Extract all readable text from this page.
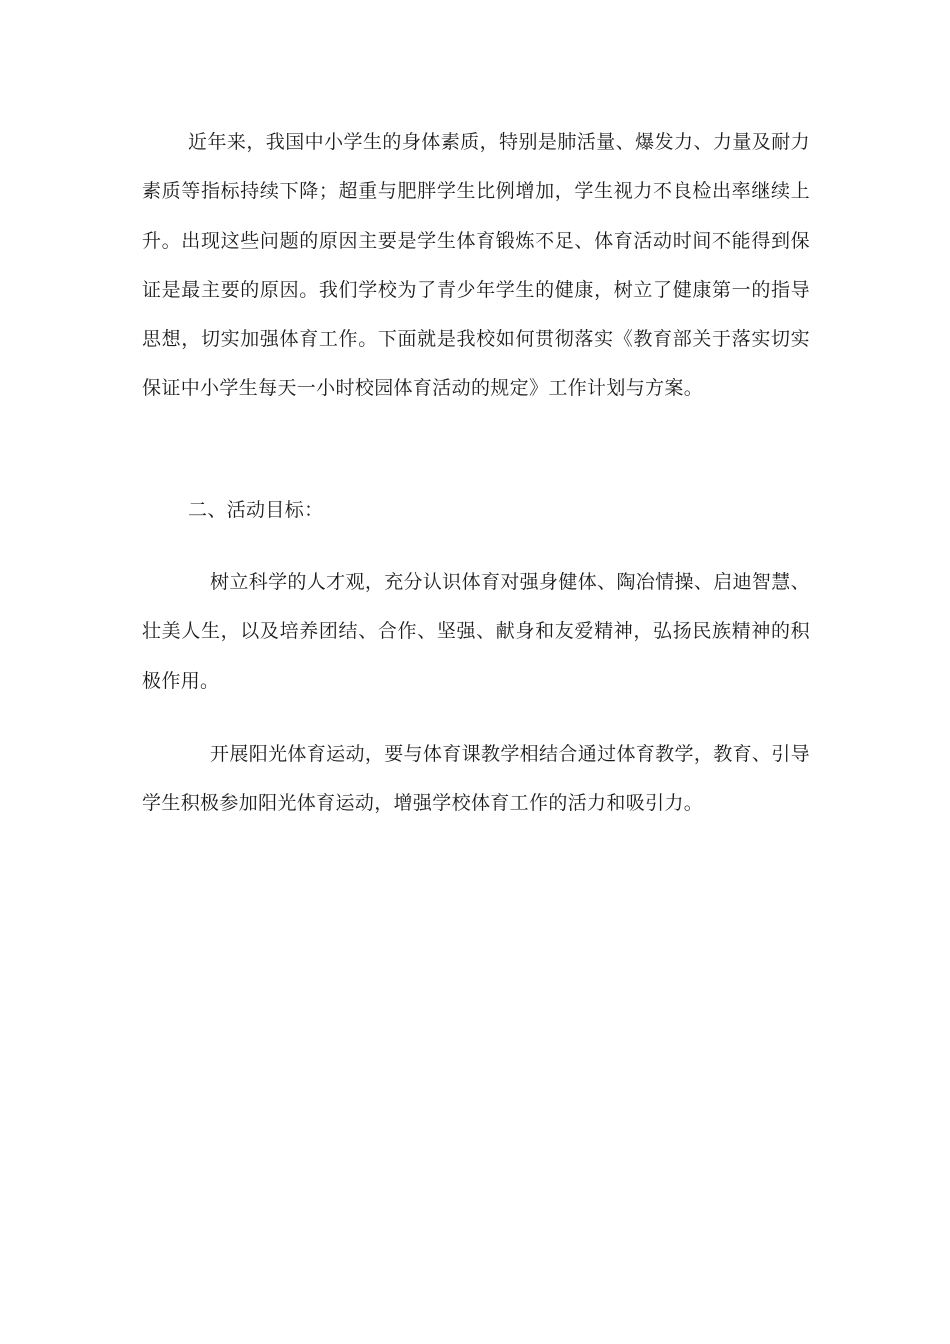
近年来，我国中小学生的身体素质，特别是肺活量、爆发力、力量及耐力素质等指标持续下降；超重与肥胖学生比例增加，学生视力不良检出率继续上升。出现这些问题的原因主要是学生体育锻炼不足、体育活动时间不能得到保证是最主要的原因。我们学校为了青少年学生的健康，树立了健康第一的指导思想，切实加强体育工作。下面就是我校如何贯彻落实《教育部关于落实切实保证中小学生每天一小时校园体育活动的规定》工作计划与方案。

二、活动目标：

树立科学的人才观，充分认识体育对强身健体、陶冶情操、启迪智慧、壮美人生，以及培养团结、合作、坚强、献身和友爱精神，弘扬民族精神的积极作用。

开展阳光体育运动，要与体育课教学相结合通过体育教学，教育、引导学生积极参加阳光体育运动，增强学校体育工作的活力和吸引力。
